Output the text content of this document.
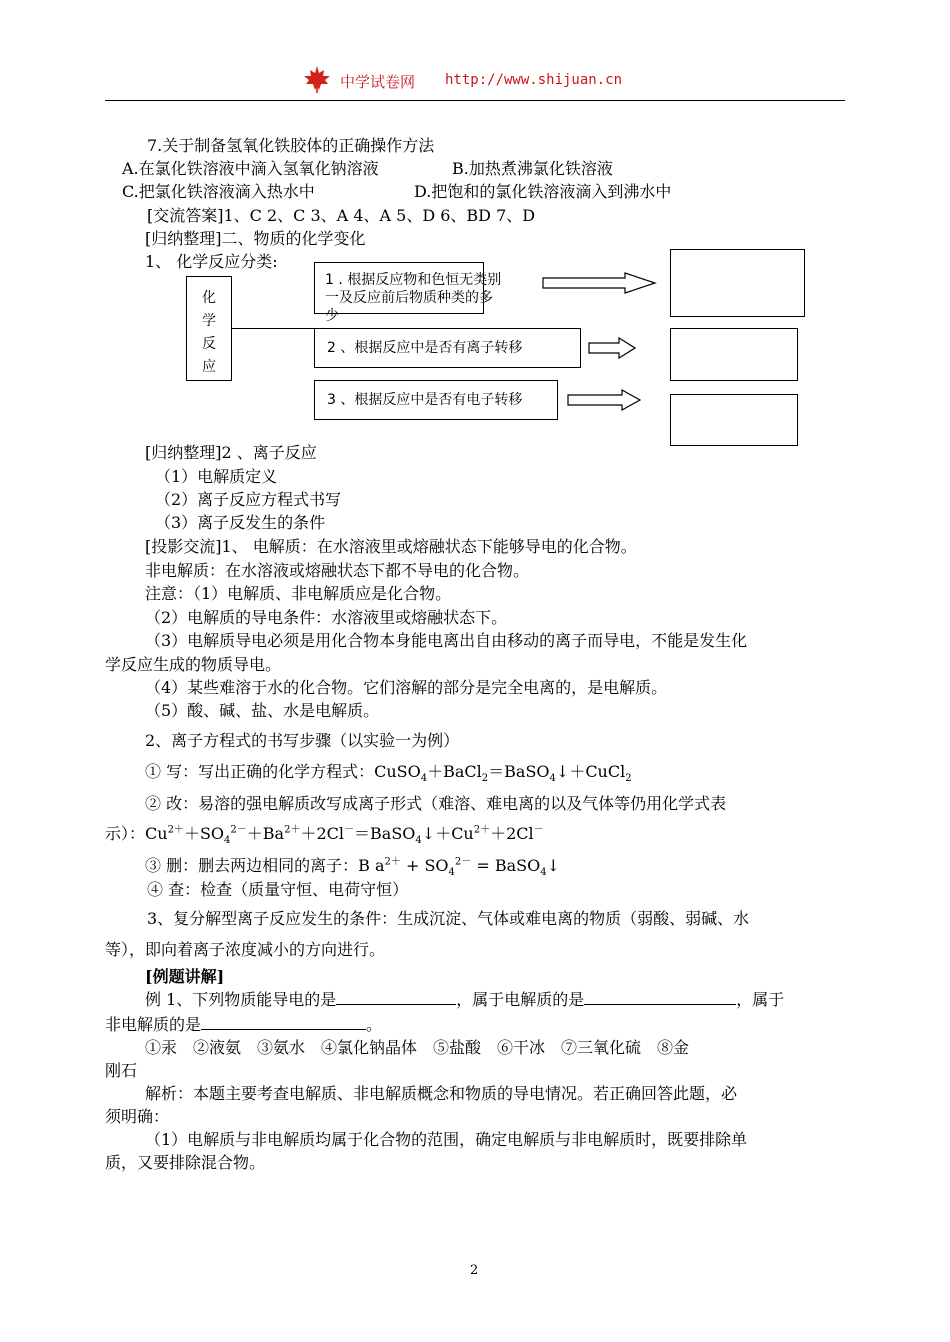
中学试卷网 http://www.shijuan.cn
7.关于制备氢氧化铁胶体的正确操作方法
A.在氯化铁溶液中滴入氢氧化钠溶液	B.加热煮沸氯化铁溶液
C.把氯化铁溶液滴入热水中	D.把饱和的氯化铁溶液滴入到沸水中
[交流答案]1、C 2、C 3、A 4、A 5、D 6、BD 7、D
[归纳整理]二、物质的化学变化
1、 化学反应分类:
化
学
反
应
1 . 根据反应物和色恒无类别一及反应前后物质种类的多少
2 、根据反应中是否有离子转移
3 、根据反应中是否有电子转移
[归纳整理]2 、离子反应
（1）电解质定义
（2）离子反应方程式书写
（3）离子反发生的条件
[投影交流]1、 电解质：在水溶液里或熔融状态下能够导电的化合物。
非电解质：在水溶液或熔融状态下都不导电的化合物。
注意：（1）电解质、非电解质应是化合物。
（2）电解质的导电条件：水溶液里或熔融状态下。
（3）电解质导电必须是用化合物本身能电离出自由移动的离子而导电，不能是发生化
学反应生成的物质导电。
（4）某些难溶于水的化合物。它们溶解的部分是完全电离的，是电解质。
（5）酸、碱、盐、水是电解质。
2、离子方程式的书写步骤（以实验一为例）
① 写：写出正确的化学方程式：CuSO$_4$＋BaCl$_2$＝BaSO$_4$↓＋CuCl$_2$
② 改：易溶的强电解质改写成离子形式（难溶、难电离的以及气体等仍用化学式表
示）：$Cu^{2+}+SO_4^{2-}+Ba^{2+}+2Cl^-=BaSO_4↓+Cu^{2+}+2Cl^-$
③ 删：删去两边相同的离子：B $a^{2+} + SO_4^{2-}$ = BaSO$_4$↓
④ 查：检查（质量守恒、电荷守恒）
3、复分解型离子反应发生的条件：生成沉淀、气体或难电离的物质（弱酸、弱碱、水
等），即向着离子浓度减小的方向进行。
[例题讲解]
例 1、下列物质能导电的是	，属于电解质的是	，属于
非电解质的是	。
①汞　②液氨　③氨水　④氯化钠晶体　⑤盐酸　⑥干冰　⑦三氧化硫　⑧金
刚石
解析：本题主要考查电解质、非电解质概念和物质的导电情况。若正确回答此题，必
须明确：
（1）电解质与非电解质均属于化合物的范围，确定电解质与非电解质时，既要排除单
质，又要排除混合物。
2
